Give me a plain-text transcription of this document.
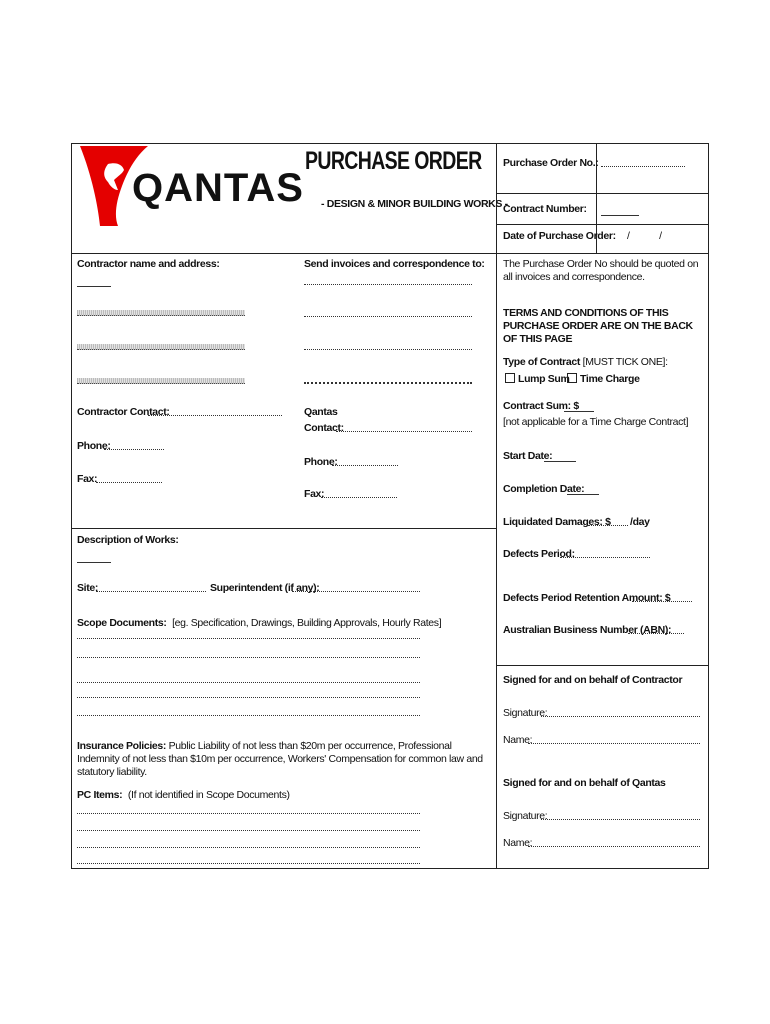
QANTAS
PURCHASE ORDER
- DESIGN & MINOR BUILDING WORKS -
Purchase Order No.:
Contract Number:
Date of Purchase Order: /          /
Contractor name and address:
Contractor Contact:
Phone:
Fax:
Send invoices and correspondence to:
Qantas
Contact:
Phone:
Fax:
The Purchase Order No should be quoted on all invoices and correspondence.
TERMS AND CONDITIONS OF THIS PURCHASE ORDER ARE ON THE BACK OF THIS PAGE
Type of Contract [MUST TICK ONE]:
Lump Sum	Time Charge
Contract Sum: $
[not applicable for a Time Charge Contract]
Start Date:
Completion Date:
Liquidated Damages: $ /day
Defects Period:
Defects Period Retention Amount: $
Australian Business Number (ABN):
Signed for and on behalf of Contractor
Signature:
Name:
Signed for and on behalf of Qantas
Signature:
Name:
Description of Works:
Site:	Superintendent (if any):
Scope Documents: [eg. Specification, Drawings, Building Approvals, Hourly Rates]
Insurance Policies: Public Liability of not less than $20m per occurrence, Professional Indemnity of not less than $10m per occurrence, Workers' Compensation for common law and statutory liability.
PC Items: (If not identified in Scope Documents)
